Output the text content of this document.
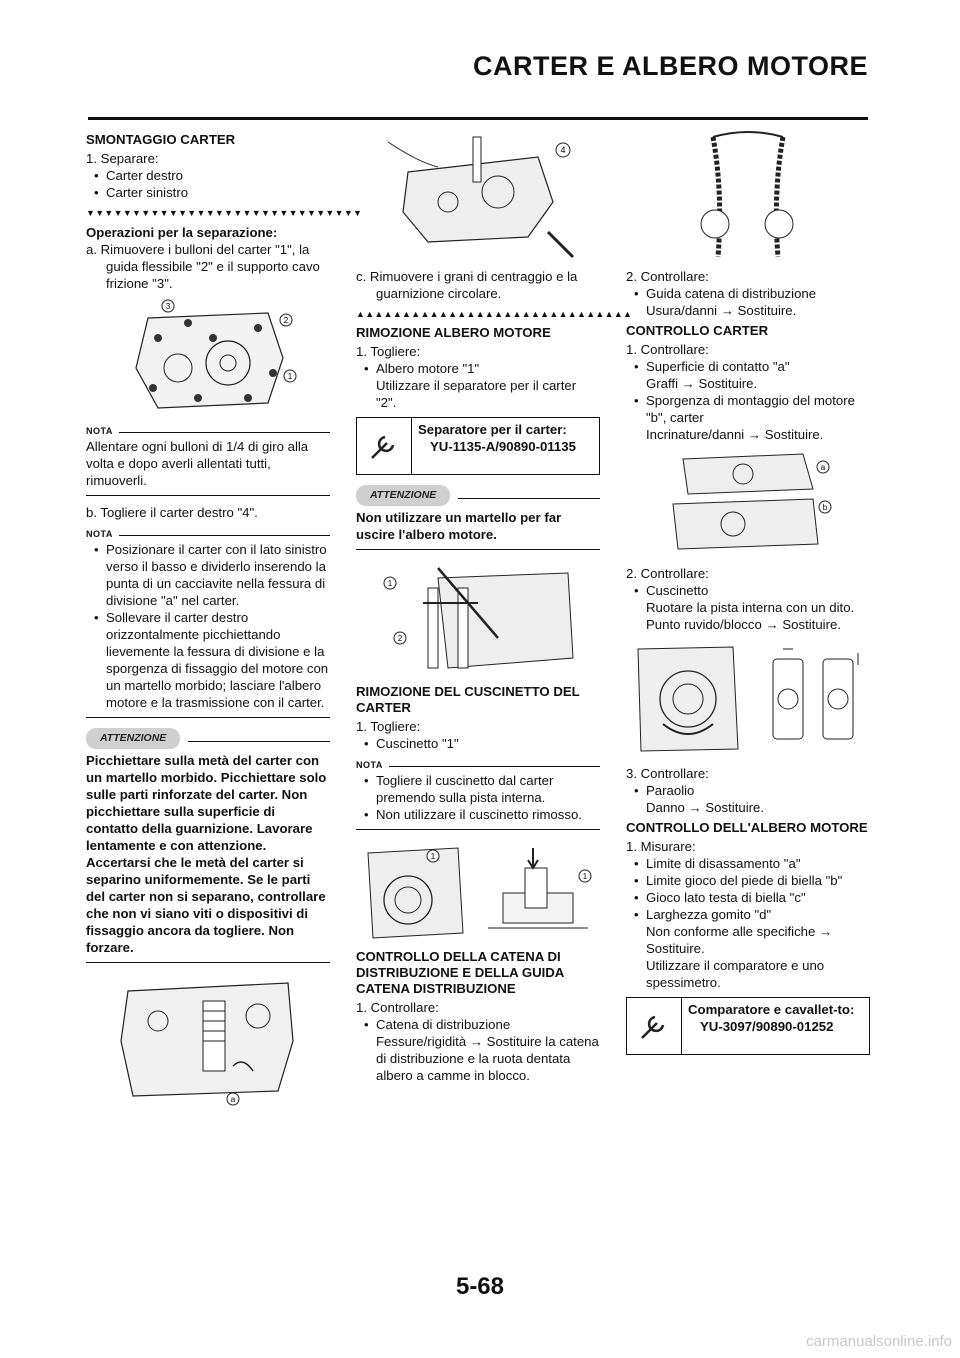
CARTER E ALBERO MOTORE
SMONTAGGIO CARTER

1. Separare:

• Carter destro

• Carter sinistro

▼▼▼▼▼▼▼▼▼▼▼▼▼▼▼▼▼▼▼▼▼▼▼▼▼▼▼▼▼▼

Operazioni per la separazione:

a. Rimuovere i bulloni del carter "1", la guida flessibile "2" e il supporto cavo frizione "3".

3
2
1
NOTA

Allentare ogni bulloni di 1/4 di giro alla volta e dopo averli allentati tutti, rimuoverli.

b. Togliere il carter destro "4".

NOTA

• Posizionare il carter con il lato sinistro verso il basso e dividerlo inserendo la punta di un cacciavite nella fessura di divisione "a" nel carter.

• Sollevare il carter destro orizzontalmente picchiettando lievemente la fessura di divisione e la sporgenza di fissaggio del motore con un martello morbido; lasciare l'albero motore e la trasmissione con il carter.

ATTENZIONE

Picchiettare sulla metà del carter con un martello morbido. Picchiettare solo sulle parti rinforzate del carter. Non picchiettare sulla superficie di contatto della guarnizione. Lavorare lentamente e con attenzione. Accertarsi che le metà del carter si separino uniformemente. Se le parti del carter non si separano, controllare che non vi siano viti o dispositivi di fissaggio ancora da togliere. Non forzare.

a
4

c. Rimuovere i grani di centraggio e la guarnizione circolare.

▲▲▲▲▲▲▲▲▲▲▲▲▲▲▲▲▲▲▲▲▲▲▲▲▲▲▲▲▲▲
RIMOZIONE ALBERO MOTORE

1. Togliere:

• Albero motore "1"

Utilizzare il separatore per il carter "2".

Separatore per il carter:

YU-1135-A/90890-01135

ATTENZIONE

Non utilizzare un martello per far uscire l'albero motore.

1
2
RIMOZIONE DEL CUSCINETTO DEL CARTER

1. Togliere:

• Cuscinetto "1"

NOTA

• Togliere il cuscinetto dal carter premendo sulla pista interna.

• Non utilizzare il cuscinetto rimosso.

1
1
CONTROLLO DELLA CATENA DI DISTRIBUZIONE E DELLA GUIDA CATENA DISTRIBUZIONE

1. Controllare:

• Catena di distribuzione

Fessure/rigidità → Sostituire la catena di distribuzione e la ruota dentata albero a camme in blocco.

2. Controllare:

• Guida catena di distribuzione

Usura/danni → Sostituire.

CONTROLLO CARTER

1. Controllare:

• Superficie di contatto "a"

Graffi → Sostituire.

• Sporgenza di montaggio del motore "b", carter

Incrinature/danni → Sostituire.

a
b

2. Controllare:

• Cuscinetto

Ruotare la pista interna con un dito.

Punto ruvido/blocco → Sostituire.

3. Controllare:

• Paraolio

Danno → Sostituire.

CONTROLLO DELL'ALBERO MOTORE

1. Misurare:

• Limite di disassamento "a"

• Limite gioco del piede di biella "b"

• Gioco lato testa di biella "c"

• Larghezza gomito "d"

Non conforme alle specifiche → Sostituire.

Utilizzare il comparatore e uno spessimetro.

Comparatore e cavallet-to:

YU-3097/90890-01252

5-68
carmanualsonline.info
